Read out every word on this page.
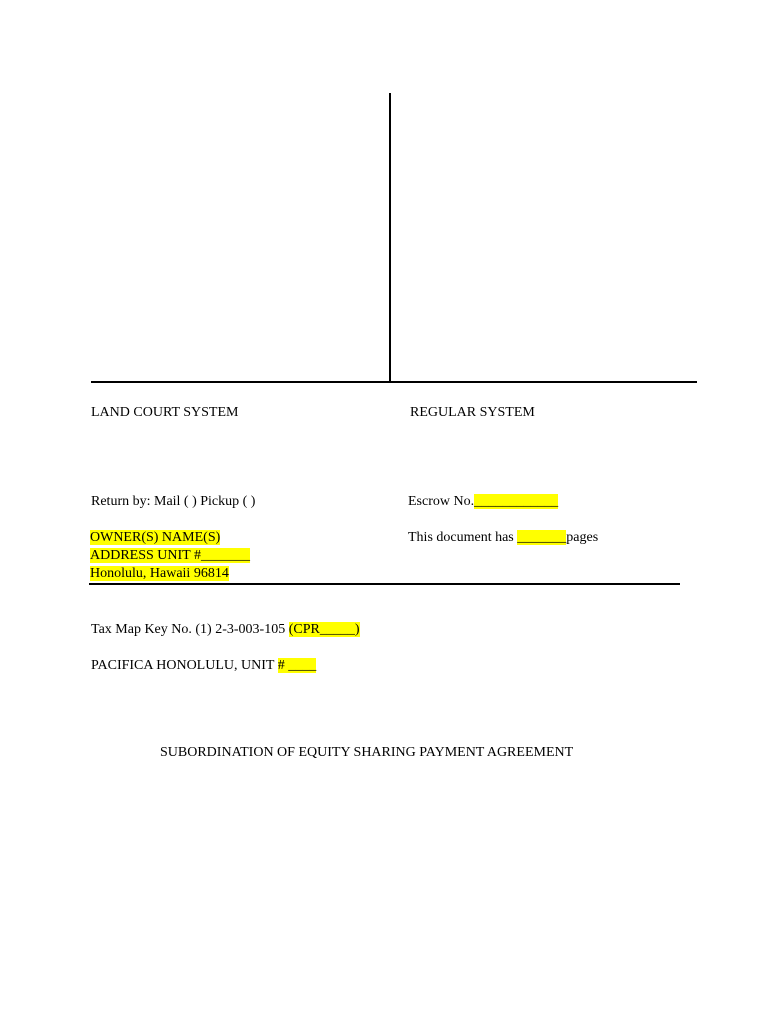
LAND COURT SYSTEM	REGULAR SYSTEM
Return by: Mail ( ) Pickup ( )	Escrow No.____________
This document has _______pages
OWNER(S) NAME(S)
ADDRESS UNIT #_______
Honolulu, Hawaii 96814
Tax Map Key No. (1) 2-3-003-105 (CPR_____)
PACIFICA HONOLULU, UNIT # ____
SUBORDINATION OF EQUITY SHARING PAYMENT AGREEMENT
